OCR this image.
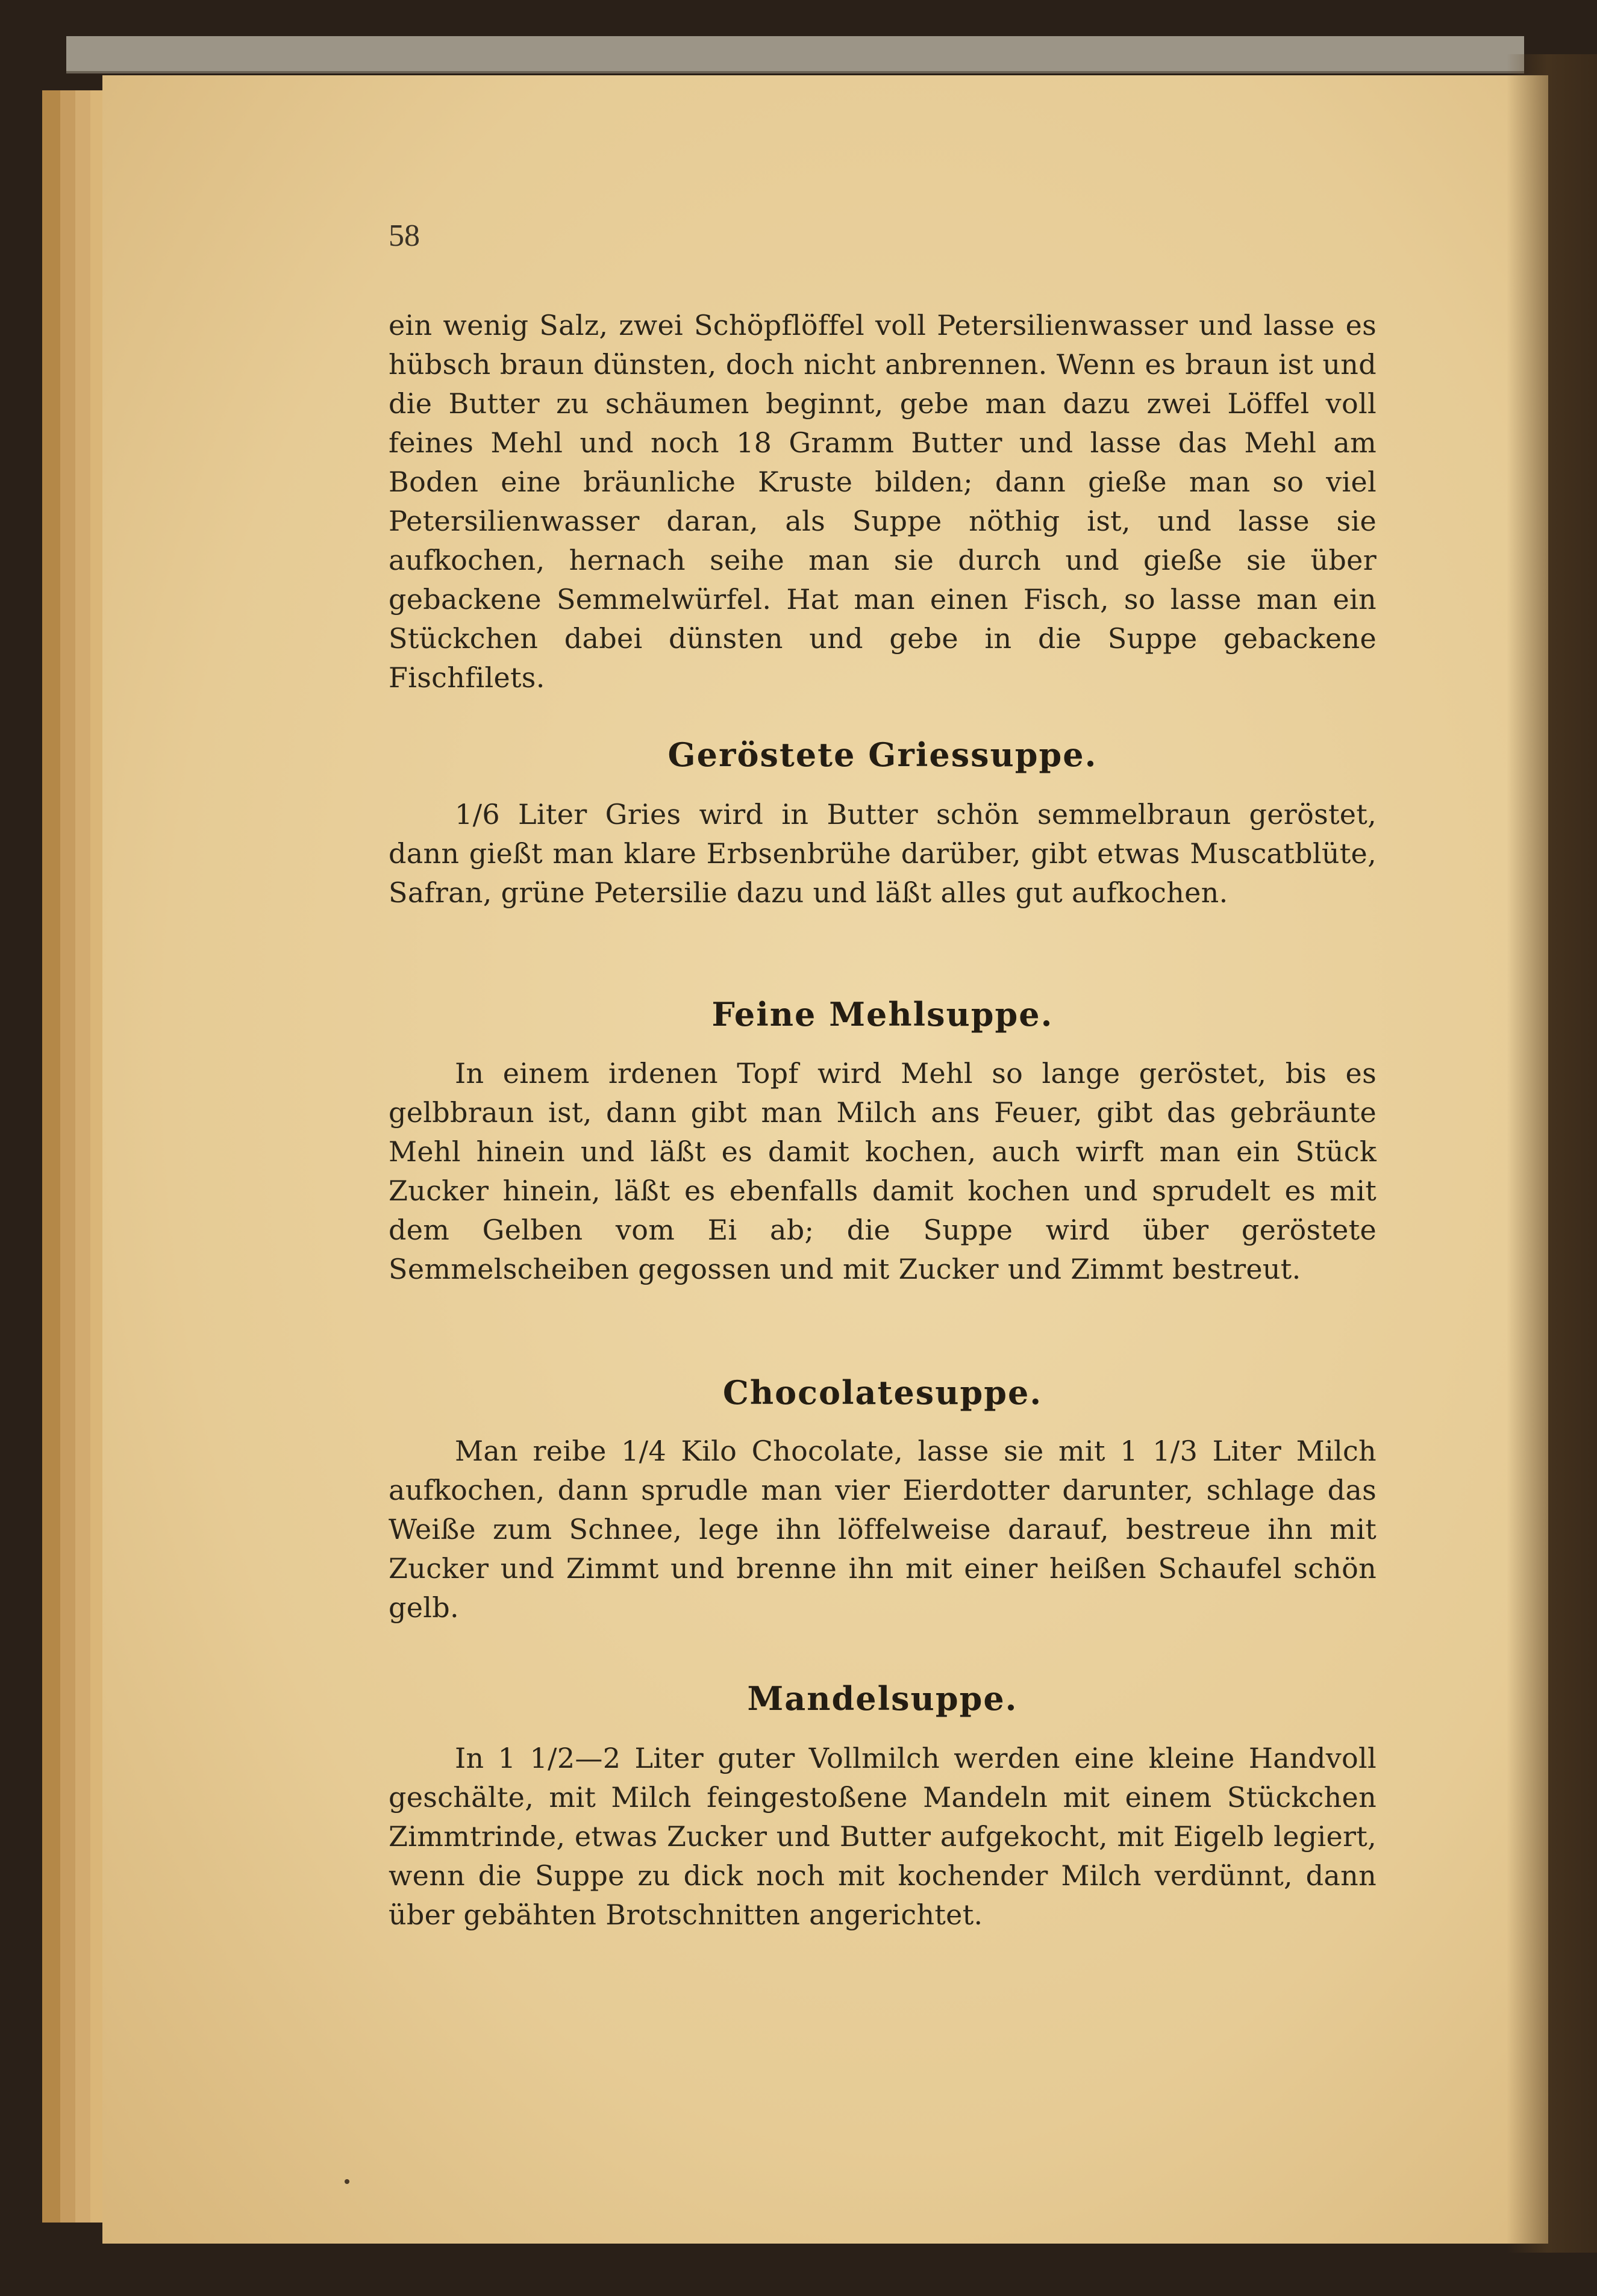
58

ein wenig Salz, zwei Schöpflöffel voll Petersilienwasser und lasse es hübsch braun dünsten, doch nicht anbrennen. Wenn es braun ist und die Butter zu schäumen beginnt, gebe man dazu zwei Löffel voll feines Mehl und noch 18 Gramm Butter und lasse das Mehl am Boden eine bräunliche Kruste bilden; dann gieße man so viel Petersilienwasser daran, als Suppe nöthig ist, und lasse sie aufkochen, hernach seihe man sie durch und gieße sie über gebackene Semmelwürfel. Hat man einen Fisch, so lasse man ein Stückchen dabei dünsten und gebe in die Suppe gebackene Fischfilets.

Geröstete Griessuppe.

1/6 Liter Gries wird in Butter schön semmelbraun geröstet, dann gießt man klare Erbsenbrühe darüber, gibt etwas Muscatblüte, Safran, grüne Petersilie dazu und läßt alles gut aufkochen.

Feine Mehlsuppe.

In einem irdenen Topf wird Mehl so lange geröstet, bis es gelbbraun ist, dann gibt man Milch ans Feuer, gibt das gebräunte Mehl hinein und läßt es damit kochen, auch wirft man ein Stück Zucker hinein, läßt es ebenfalls damit kochen und sprudelt es mit dem Gelben vom Ei ab; die Suppe wird über geröstete Semmelscheiben gegossen und mit Zucker und Zimmt bestreut.

Chocolatesuppe.

Man reibe 1/4 Kilo Chocolate, lasse sie mit 1 1/3 Liter Milch aufkochen, dann sprudle man vier Eierdotter darunter, schlage das Weiße zum Schnee, lege ihn löffelweise darauf, bestreue ihn mit Zucker und Zimmt und brenne ihn mit einer heißen Schaufel schön gelb.

Mandelsuppe.

In 1 1/2—2 Liter guter Vollmilch werden eine kleine Handvoll geschälte, mit Milch feingestoßene Mandeln mit einem Stückchen Zimmtrinde, etwas Zucker und Butter aufgekocht, mit Eigelb legiert, wenn die Suppe zu dick noch mit kochender Milch verdünnt, dann über gebähten Brotschnitten angerichtet.
